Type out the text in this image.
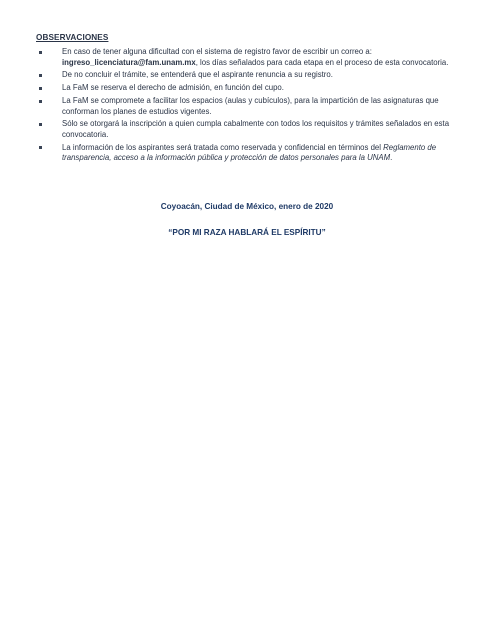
OBSERVACIONES
En caso de tener alguna dificultad con el sistema de registro favor de escribir un correo a:
ingreso_licenciatura@fam.unam.mx, los días señalados para cada etapa en el proceso de esta convocatoria.
De no concluir el trámite, se entenderá que el aspirante renuncia a su registro.
La FaM se reserva el derecho de admisión, en función del cupo.
La FaM se compromete a facilitar los espacios (aulas y cubículos), para la impartición de las asignaturas que conforman los planes de estudios vigentes.
Sólo se otorgará la inscripción a quien cumpla cabalmente con todos los requisitos y trámites señalados en esta convocatoria.
La información de los aspirantes será tratada como reservada y confidencial en términos del Reglamento de transparencia, acceso a la información pública y protección de datos personales para la UNAM.
Coyoacán, Ciudad de México, enero de 2020
“POR MI RAZA HABLARÁ EL ESPÍRITU”
